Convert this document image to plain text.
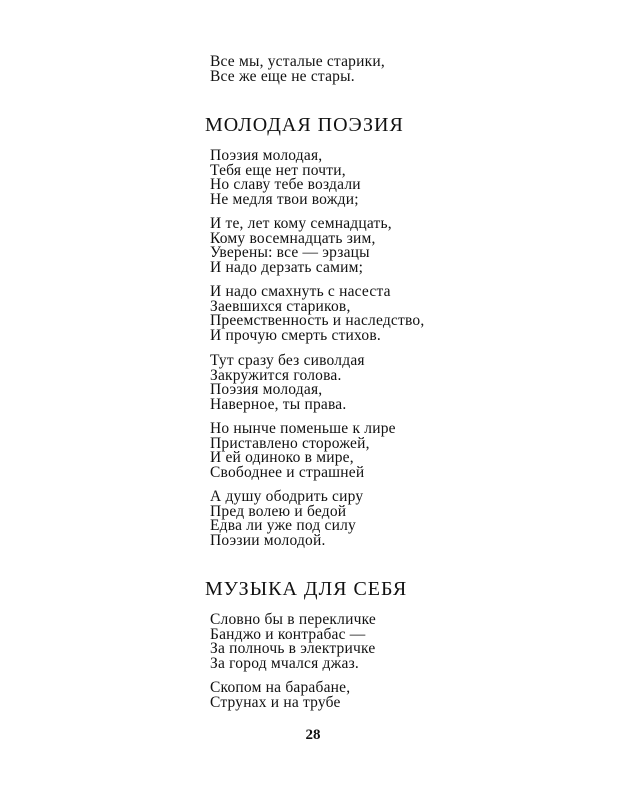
Все мы, усталые старики,
Все же еще не стары.
МОЛОДАЯ ПОЭЗИЯ
Поэзия молодая,
Тебя еще нет почти,
Но славу тебе воздали
Не медля твои вожди;
И те, лет кому семнадцать,
Кому восемнадцать зим,
Уверены: все — эрзацы
И надо дерзать самим;
И надо смахнуть с насеста
Заевшихся стариков,
Преемственность и наследство,
И прочую смерть стихов.
Тут сразу без сиволдая
Закружится голова.
Поэзия молодая,
Наверное, ты права.
Но нынче поменьше к лире
Приставлено сторожей,
И ей одиноко в мире,
Свободнее и страшней
А душу ободрить сиру
Пред волею и бедой
Едва ли уже под силу
Поэзии молодой.
МУЗЫКА ДЛЯ СЕБЯ
Словно бы в перекличке
Банджо и контрабас —
За полночь в электричке
За город мчался джаз.
Скопом на барабане,
Струнах и на трубе
28
